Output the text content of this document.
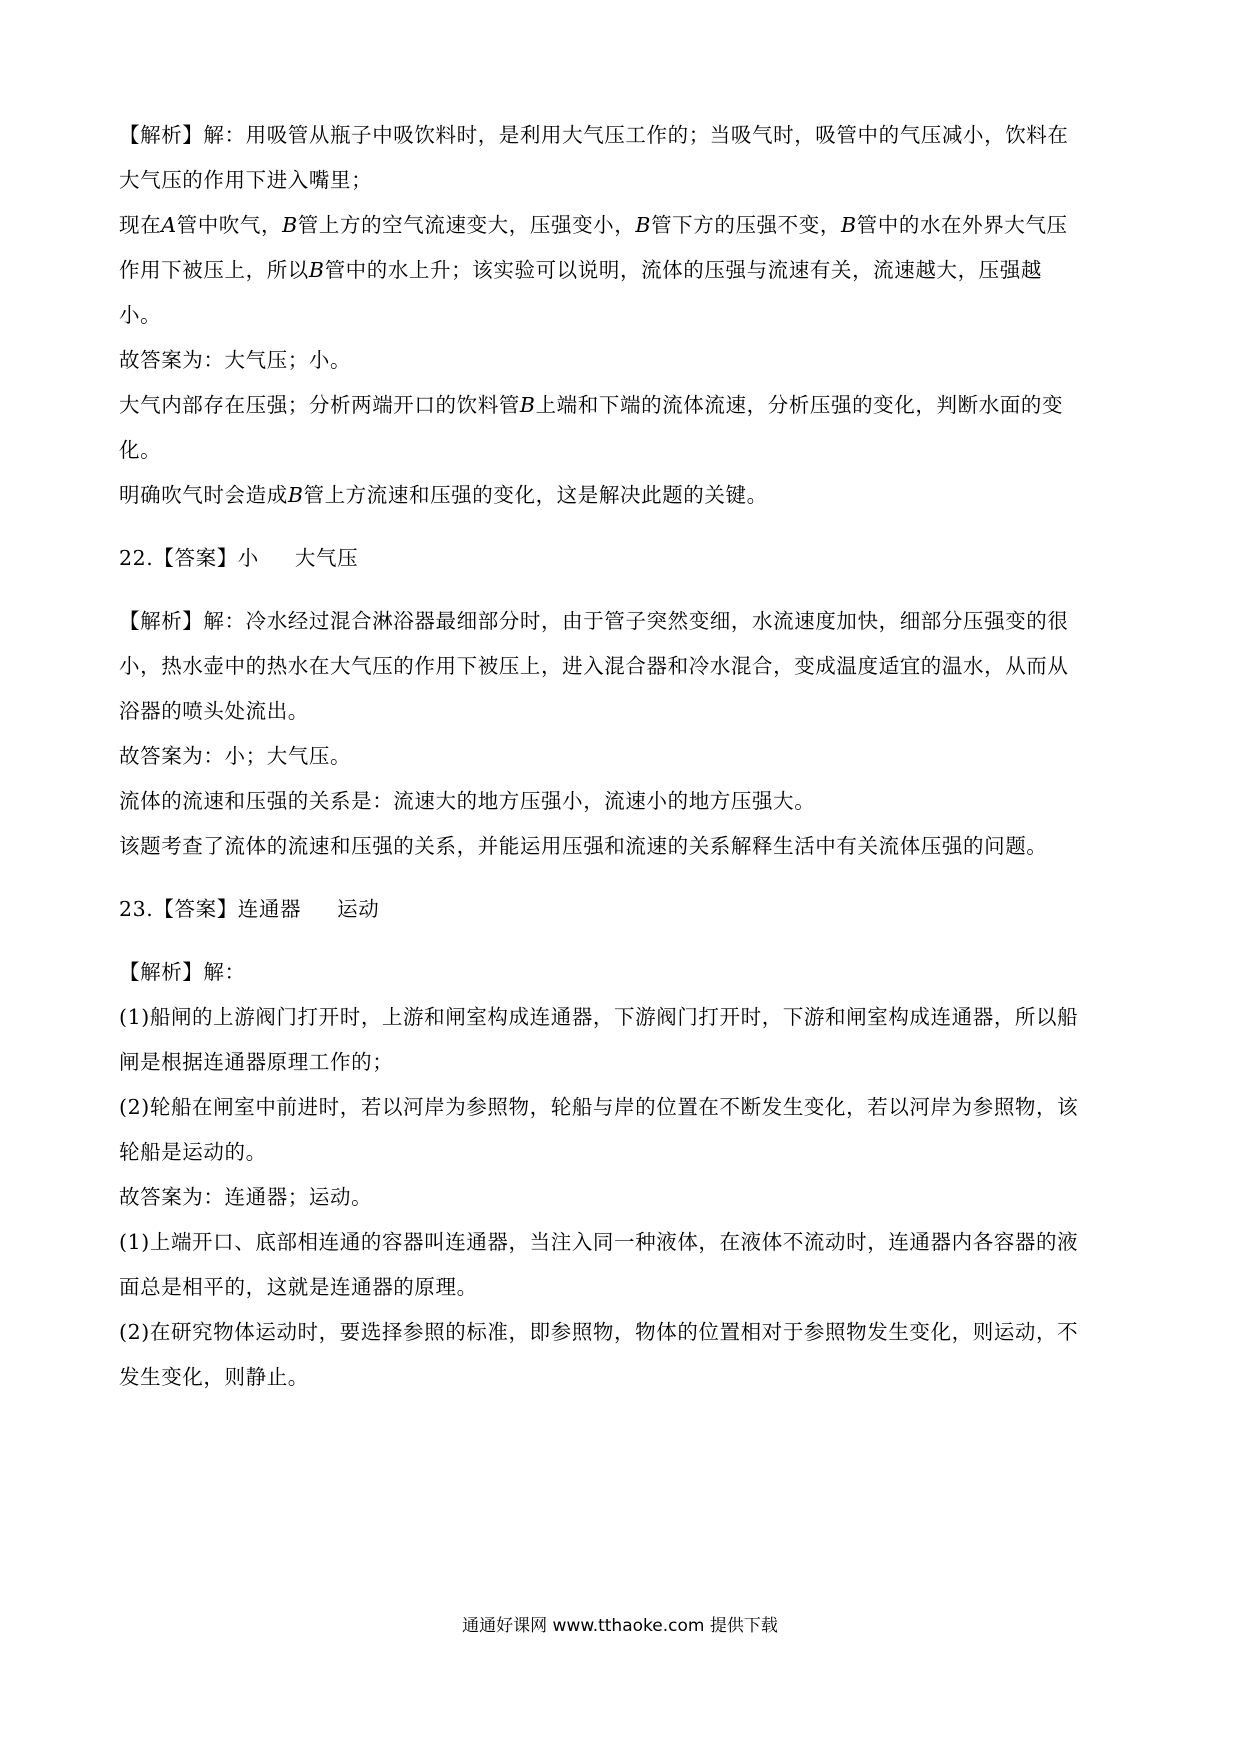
【解析】解：用吸管从瓶子中吸饮料时，是利用大气压工作的；当吸气时，吸管中的气压减小，饮料在

大气压的作用下进入嘴里；

现在A管中吹气，B管上方的空气流速变大，压强变小，B管下方的压强不变，B管中的水在外界大气压

作用下被压上，所以B管中的水上升；该实验可以说明，流体的压强与流速有关，流速越大，压强越

小。

故答案为：大气压；小。

大气内部存在压强；分析两端开口的饮料管B上端和下端的流体流速，分析压强的变化，判断水面的变

化。

明确吹气时会造成B管上方流速和压强的变化，这是解决此题的关键。

22.【答案】小 大气压

【解析】解：冷水经过混合淋浴器最细部分时，由于管子突然变细，水流速度加快，细部分压强变的很

小，热水壶中的热水在大气压的作用下被压上，进入混合器和冷水混合，变成温度适宜的温水，从而从

浴器的喷头处流出。

故答案为：小；大气压。

流体的流速和压强的关系是：流速大的地方压强小，流速小的地方压强大。

该题考查了流体的流速和压强的关系，并能运用压强和流速的关系解释生活中有关流体压强的问题。

23.【答案】连通器 运动

【解析】解：

(1)船闸的上游阀门打开时，上游和闸室构成连通器，下游阀门打开时，下游和闸室构成连通器，所以船

闸是根据连通器原理工作的；

(2)轮船在闸室中前进时，若以河岸为参照物，轮船与岸的位置在不断发生变化，若以河岸为参照物，该

轮船是运动的。

故答案为：连通器；运动。

(1)上端开口、底部相连通的容器叫连通器，当注入同一种液体，在液体不流动时，连通器内各容器的液

面总是相平的，这就是连通器的原理。

(2)在研究物体运动时，要选择参照的标准，即参照物，物体的位置相对于参照物发生变化，则运动，不

发生变化，则静止。

通通好课网 www.tthaoke.com 提供下载
